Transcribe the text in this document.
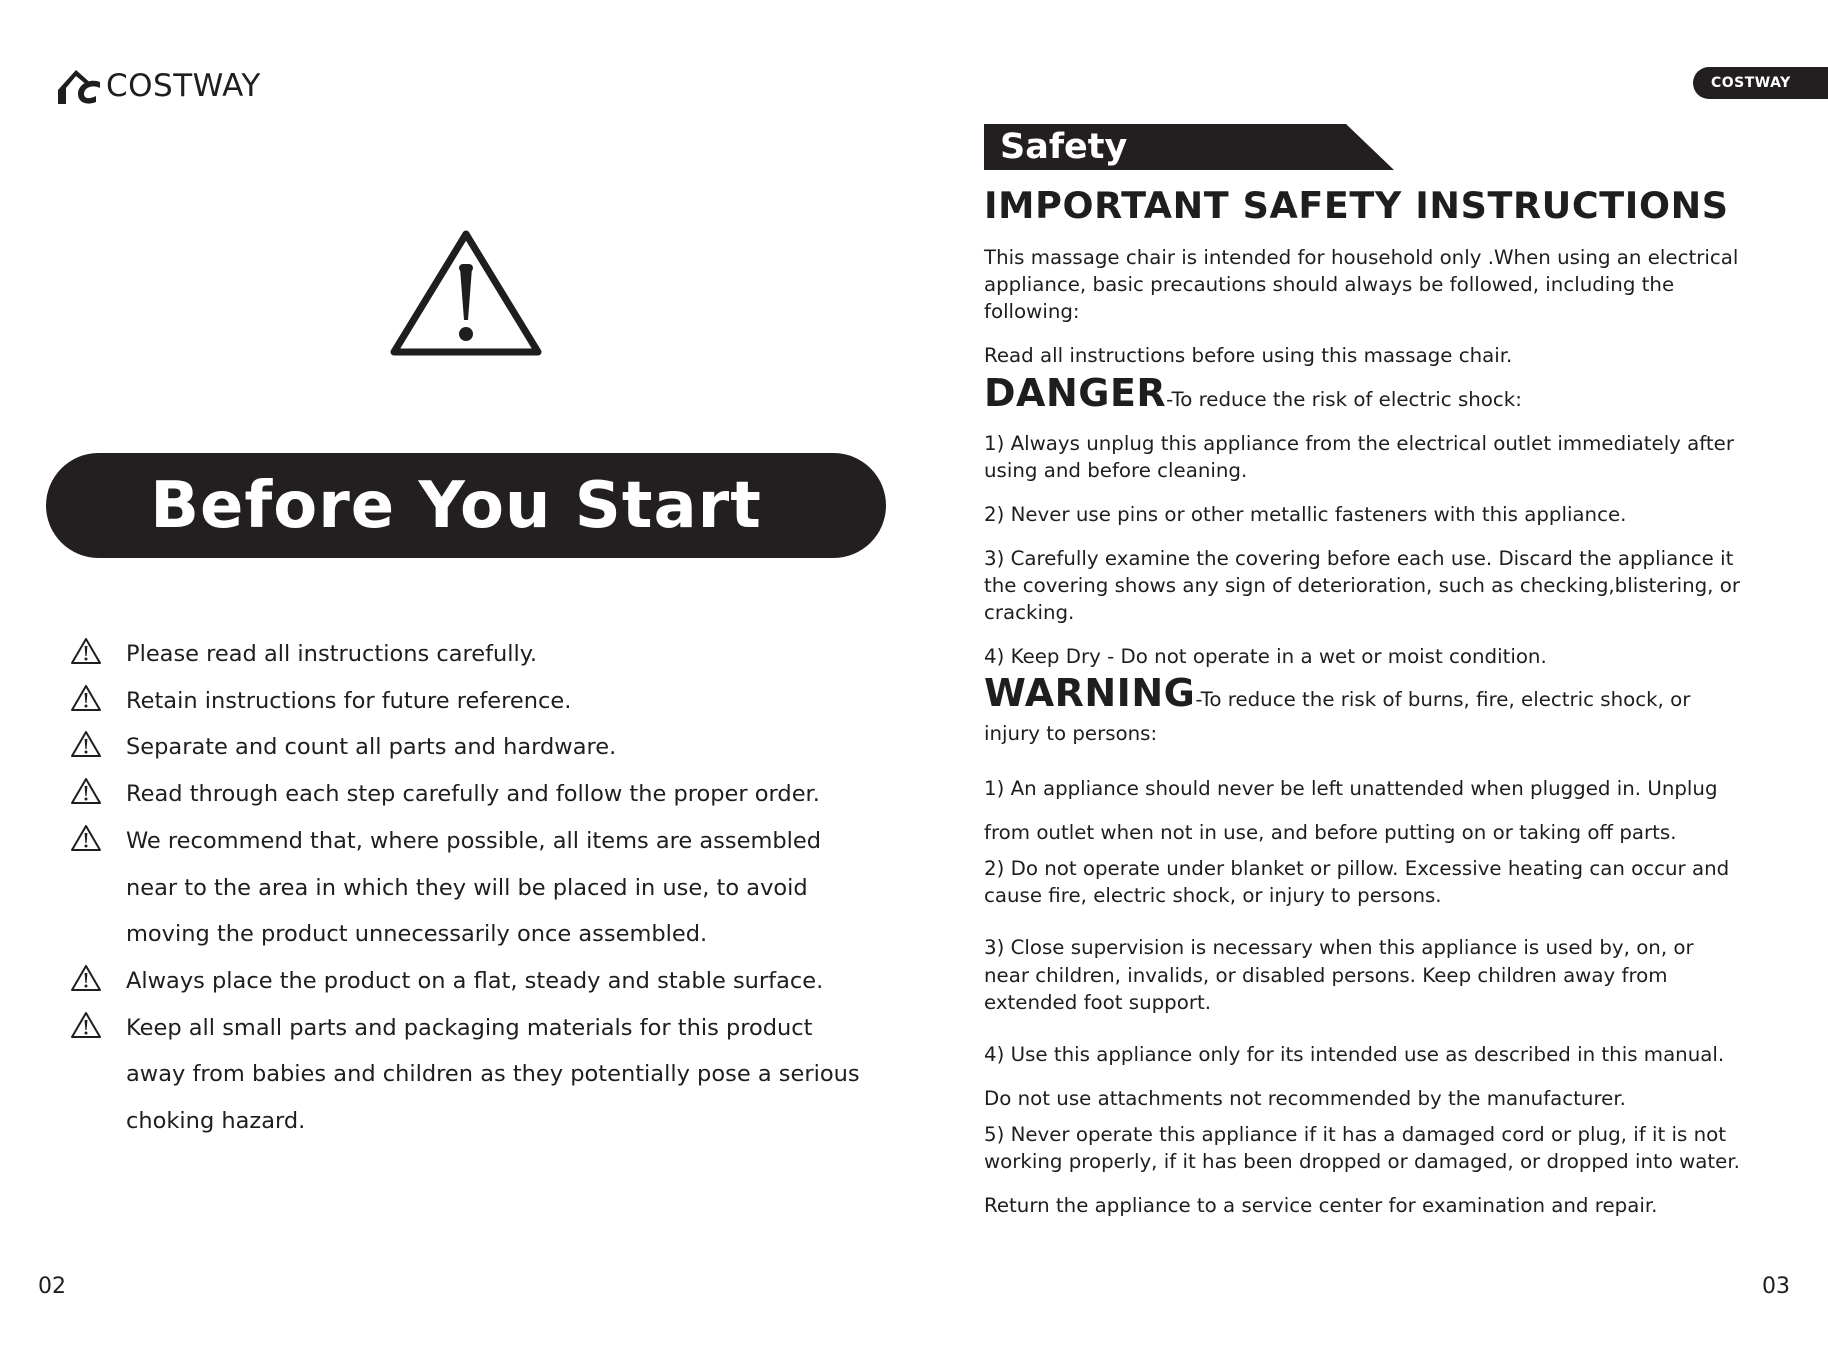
COSTWAY
Before You Start
Please read all instructions carefully.
Retain instructions for future reference.
Separate and count all parts and hardware.
Read through each step carefully and follow the proper order.
We recommend that, where possible, all items are assembled
near to the area in which they will be placed in use, to avoid
moving the product unnecessarily once assembled.
Always place the product on a flat, steady and stable surface.
Keep all small parts and packaging materials for this product
away from babies and children as they potentially pose a serious
choking hazard.
02
COSTWAY
Safety
IMPORTANT SAFETY INSTRUCTIONS

This massage chair is intended for household only .When using an electrical appliance, basic precautions should always be followed, including the following:

Read all instructions before using this massage chair.

DANGER-To reduce the risk of electric shock:

1) Always unplug this appliance from the electrical outlet immediately after using and before cleaning.

2) Never use pins or other metallic fasteners with this appliance.

3) Carefully examine the covering before each use. Discard the appliance it the covering shows any sign of deterioration, such as checking,blistering, or cracking.

4) Keep Dry - Do not operate in a wet or moist condition.

WARNING-To reduce the risk of burns, fire, electric shock, or injury to persons:

1) An appliance should never be left unattended when plugged in. Unplug

from outlet when not in use, and before putting on or taking off parts.

2) Do not operate under blanket or pillow. Excessive heating can occur and cause fire, electric shock, or injury to persons.

3) Close supervision is necessary when this appliance is used by, on, or

near children, invalids, or disabled persons. Keep children away from extended foot support.

4) Use this appliance only for its intended use as described in this manual.

Do not use attachments not recommended by the manufacturer.

5) Never operate this appliance if it has a damaged cord or plug, if it is not working properly, if it has been dropped or damaged, or dropped into water.

Return the appliance to a service center for examination and repair.

03
